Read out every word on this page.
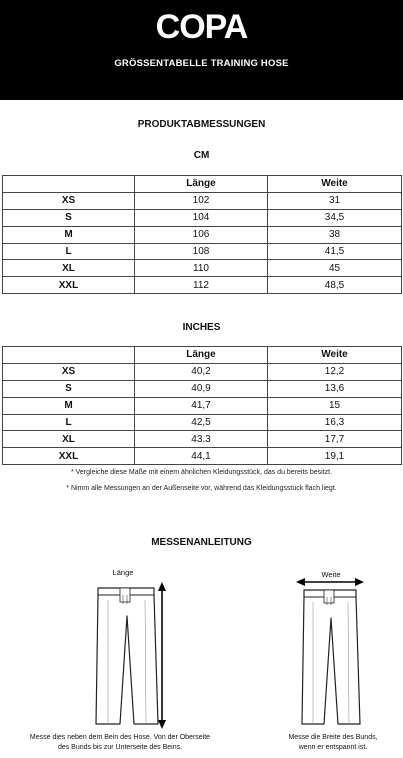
COPA
GRÖSSENTABELLE TRAINING HOSE
PRODUKTABMESSUNGEN
CM
	Länge	Weite
XS	102	31
S	104	34,5
M	106	38
L	108	41,5
XL	110	45
XXL	112	48,5
INCHES
	Länge	Weite
XS	40,2	12,2
S	40,9	13,6
M	41,7	15
L	42,5	16,3
XL	43.3	17,7
XXL	44,1	19,1
* Vergleiche diese Maße mit einem ähnlichen Kleidungsstück, das du bereits besitzt.
* Nimm alle Messungen an der Außenseite vor, während das Kleidungsstuck flach liegt.
MESSENANLEITUNG
Länge	Weite
Messe dies neben dem Bein des Hose. Von der Oberseite
des Bunds bis zur Unterseite des Beins.
Messe die Breite des Bunds,
wenn er entspannt ist.
